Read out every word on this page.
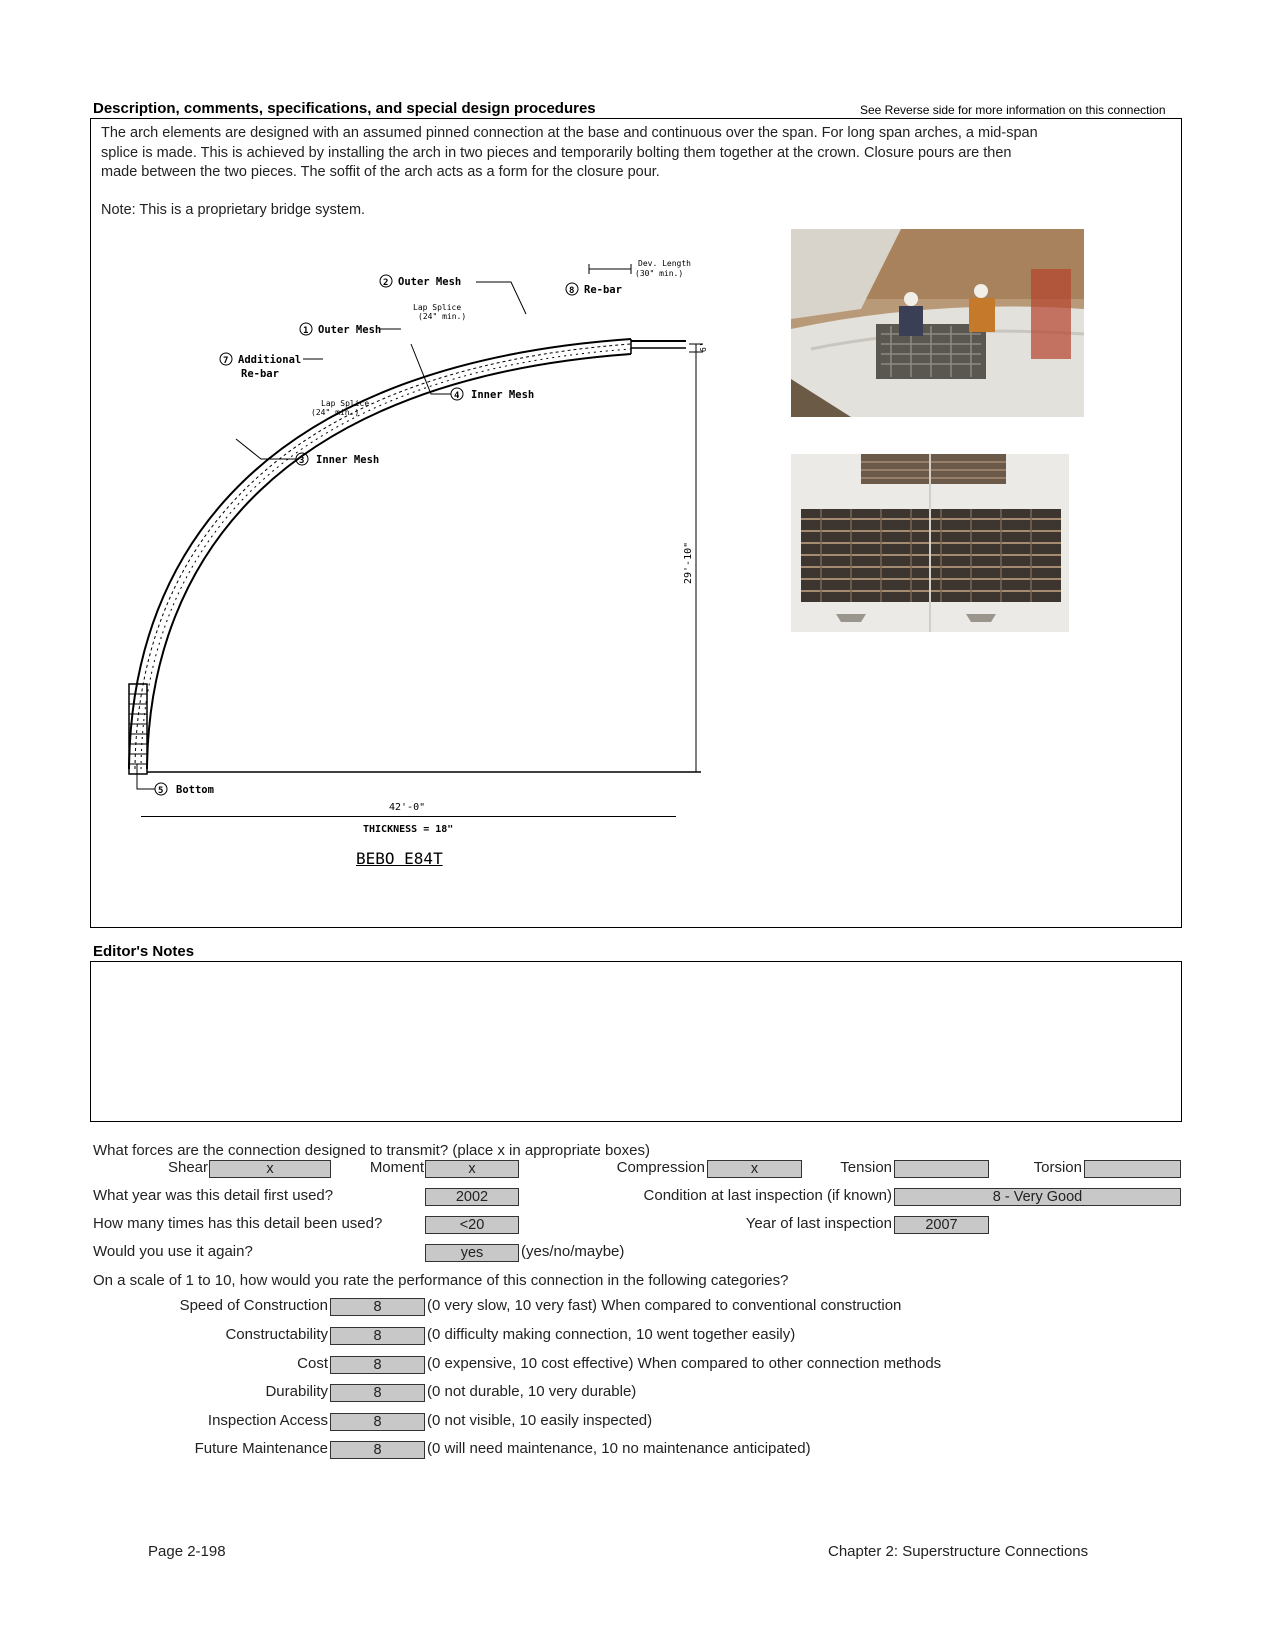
Description, comments, specifications, and special design procedures	See Reverse side for more information on this connection
The arch elements are designed with an assumed pinned connection at the base and continuous over the span. For long span arches, a mid-span
splice is made. This is achieved by installing the arch in two pieces and temporarily bolting them together at the crown. Closure pours are then
made between the two pieces. The soffit of the arch acts as a form for the closure pour.
Note: This is a proprietary bridge system.
29'-10"
6'
2 Outer Mesh
8 Re-bar
Dev. Length
(30" min.)
Lap Splice
(24" min.)
1 Outer Mesh
7 Additional
Re-bar
4 Inner Mesh
Lap Splice
(24" min.)
3 Inner Mesh
5 Bottom
42'-0"
THICKNESS = 18"
BEBO E84T
Editor's Notes
What forces are the connection designed to transmit? (place x in appropriate boxes)
Shear	x	Moment	x	Compression	x	Tension	Torsion
What year was this detail first used?	2002	Condition at last inspection (if known)	8 - Very Good
How many times has this detail been used?	<20	Year of last inspection	2007
Would you use it again?	yes	(yes/no/maybe)
On a scale of 1 to 10, how would you rate the performance of this connection in the following categories?
Speed of Construction	8	(0 very slow, 10 very fast) When compared to conventional construction
Constructability	8	(0 difficulty making connection, 10 went together easily)
Cost	8	(0 expensive, 10 cost effective) When compared to other connection methods
Durability	8	(0 not durable, 10 very durable)
Inspection Access	8	(0 not visible, 10 easily inspected)
Future Maintenance	8	(0 will need maintenance, 10 no maintenance anticipated)
Page 2-198	Chapter 2: Superstructure Connections
